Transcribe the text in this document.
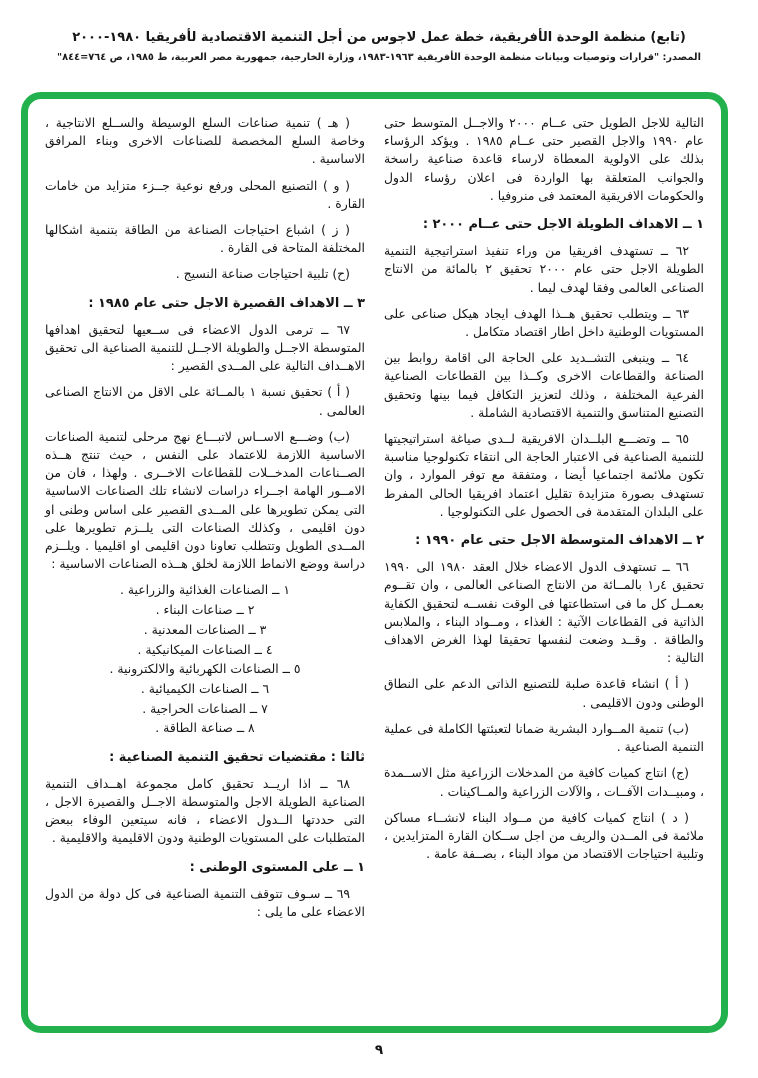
(تابع) منظمة الوحدة الأفريقية، خطة عمل لاجوس من أجل التنمية الاقتصادية لأفريقيا ١٩٨٠-٢٠٠٠

المصدر: "قرارات وتوصيات وبيانات منظمة الوحدة الأفريقية ١٩٦٣-١٩٨٣، وزارة الخارجية، جمهورية مصر العربية، ط ١٩٨٥، ص ٧٦٤=٨٤٤"

التالية للاجل الطويل حتى عــام ٢٠٠٠ والاجــل المتوسط حتى عام ١٩٩٠ والاجل القصير حتى عــام ١٩٨٥ . ويؤكد الرؤساء بذلك على الاولوية المعطاة لارساء قاعدة صناعية راسخة والجوانب المتعلقة بها الواردة فى اعلان رؤساء الدول والحكومات الافريقية المعتمد فى منروفيا .

١ ــ الاهداف الطويلة الاجل حتى عــام ٢٠٠٠ :

٦٢ ــ تستهدف افريقيا من وراء تنفيذ استراتيجية التنمية الطويلة الاجل حتى عام ٢٠٠٠ تحقيق ٢ بالمائة من الانتاج الصناعى العالمى وفقا لهدف ليما .

٦٣ ــ ويتطلب تحقيق هــذا الهدف ايجاد هيكل صناعى على المستويات الوطنية داخل اطار اقتصاد متكامل .

٦٤ ــ وينبغى التشــديد على الحاجة الى اقامة روابط بين الصناعة والقطاعات الاخرى وكــذا بين القطاعات الصناعية الفرعية المختلفة ، وذلك لتعزيز التكافل فيما بينها وتحقيق التصنيع المتناسق والتنمية الاقتصادية الشاملة .

٦٥ ــ وتضـــع البلــدان الافريقية لــدى صياغة استراتيجيتها للتنمية الصناعية فى الاعتبار الحاجة الى انتقاء تكنولوجيا مناسبة تكون ملائمة اجتماعيا أيضا ، ومتفقة مع توفر الموارد ، وان تستهدف بصورة متزايدة تقليل اعتماد افريقيا الحالى المفرط على البلدان المتقدمة فى الحصول على التكنولوجيا .

٢ ــ الاهداف المتوسطة الاجل حتى عام ١٩٩٠ :

٦٦ ــ تستهدف الدول الاعضاء خلال العقد ١٩٨٠ الى ١٩٩٠ تحقيق ٤ر١ بالمــائة من الانتاج الصناعى العالمى ، وان تقــوم بعمــل كل ما فى استطاعتها فى الوقت نفســه لتحقيق الكفاية الذاتية فى القطاعات الآتية : الغذاء ، ومــواد البناء ، والملابس والطاقة . وقــد وضعت لنفسها تحقيقا لهذا الغرض الاهداف التالية :

( أ ) انشاء قاعدة صلبة للتصنيع الذاتى الدعم على النطاق الوطنى ودون الاقليمى .

(ب) تنمية المــوارد البشرية ضمانا لتعبئتها الكاملة فى عملية التنمية الصناعية .

(ج) انتاج كميات كافية من المدخلات الزراعية مثل الاســمدة ، ومبيــدات الآفــات ، والآلات الزراعية والمــاكينات .

( د ) انتاج كميات كافية من مــواد البناء لانشــاء مساكن ملائمة فى المــدن والريف من اجل ســكان القارة المتزايدين ، وتلبية احتياجات الاقتصاد من مواد البناء ، بصــفة عامة .

( هـ ) تنمية صناعات السلع الوسيطة والســلع الانتاجية ، وخاصة السلع المخصصة للصناعات الاخرى وبناء المرافق الاساسية .

( و ) التصنيع المحلى ورفع نوعية جــزء متزايد من خامات القارة .

( ز ) اشباع احتياجات الصناعة من الطاقة بتنمية اشكالها المختلفة المتاحة فى القارة .

(ح) تلبية احتياجات صناعة النسيج .

٣ ــ الاهداف القصيرة الاجل حتى عام ١٩٨٥ :

٦٧ ــ ترمى الدول الاعضاء فى ســعيها لتحقيق اهدافها المتوسطة الاجــل والطويلة الاجــل للتنمية الصناعية الى تحقيق الاهــداف التالية على المــدى القصير :

( أ ) تحقيق نسبة ١ بالمــائة على الاقل من الانتاج الصناعى العالمى .

(ب) وضـــع الاســاس لاتبـــاع نهج مرحلى لتنمية الصناعات الاساسية اللازمة للاعتماد على النفس ، حيث تنتج هــذه الصــناعات المدخــلات للقطاعات الاخــرى . ولهذا ، فان من الامــور الهامة اجــراء دراسات لانشاء تلك الصناعات الاساسية التى يمكن تطويرها على المــدى القصير على اساس وطنى او دون اقليمى ، وكذلك الصناعات التى يلــزم تطويرها على المــدى الطويل وتتطلب تعاونا دون اقليمى او اقليميا . ويلــزم دراسة ووضع الانماط اللازمة لخلق هــذه الصناعات الاساسية :

١ ــ الصناعات الغذائية والزراعية .

٢ ــ صناعات البناء .

٣ ــ الصناعات المعدنية .

٤ ــ الصناعات الميكانيكية .

٥ ــ الصناعات الكهربائية والالكترونية .

٦ ــ الصناعات الكيميائية .

٧ ــ الصناعات الحراجية .

٨ ــ صناعة الطاقة .

ثالثا : مقتضيات تحقيق التنمية الصناعية :

٦٨ ــ اذا اريــد تحقيق كامل مجموعة اهــداف التنمية الصناعية الطويلة الاجل والمتوسطة الاجــل والقصيرة الاجل ، التى حددتها الــدول الاعضاء ، فانه سيتعين الوفاء ببعض المتطلبات على المستويات الوطنية ودون الاقليمية والاقليمية .

١ ــ على المستوى الوطنى :

٦٩ ــ سـوف تتوقف التنمية الصناعية فى كل دولة من الدول الاعضاء على ما يلى :

٩
